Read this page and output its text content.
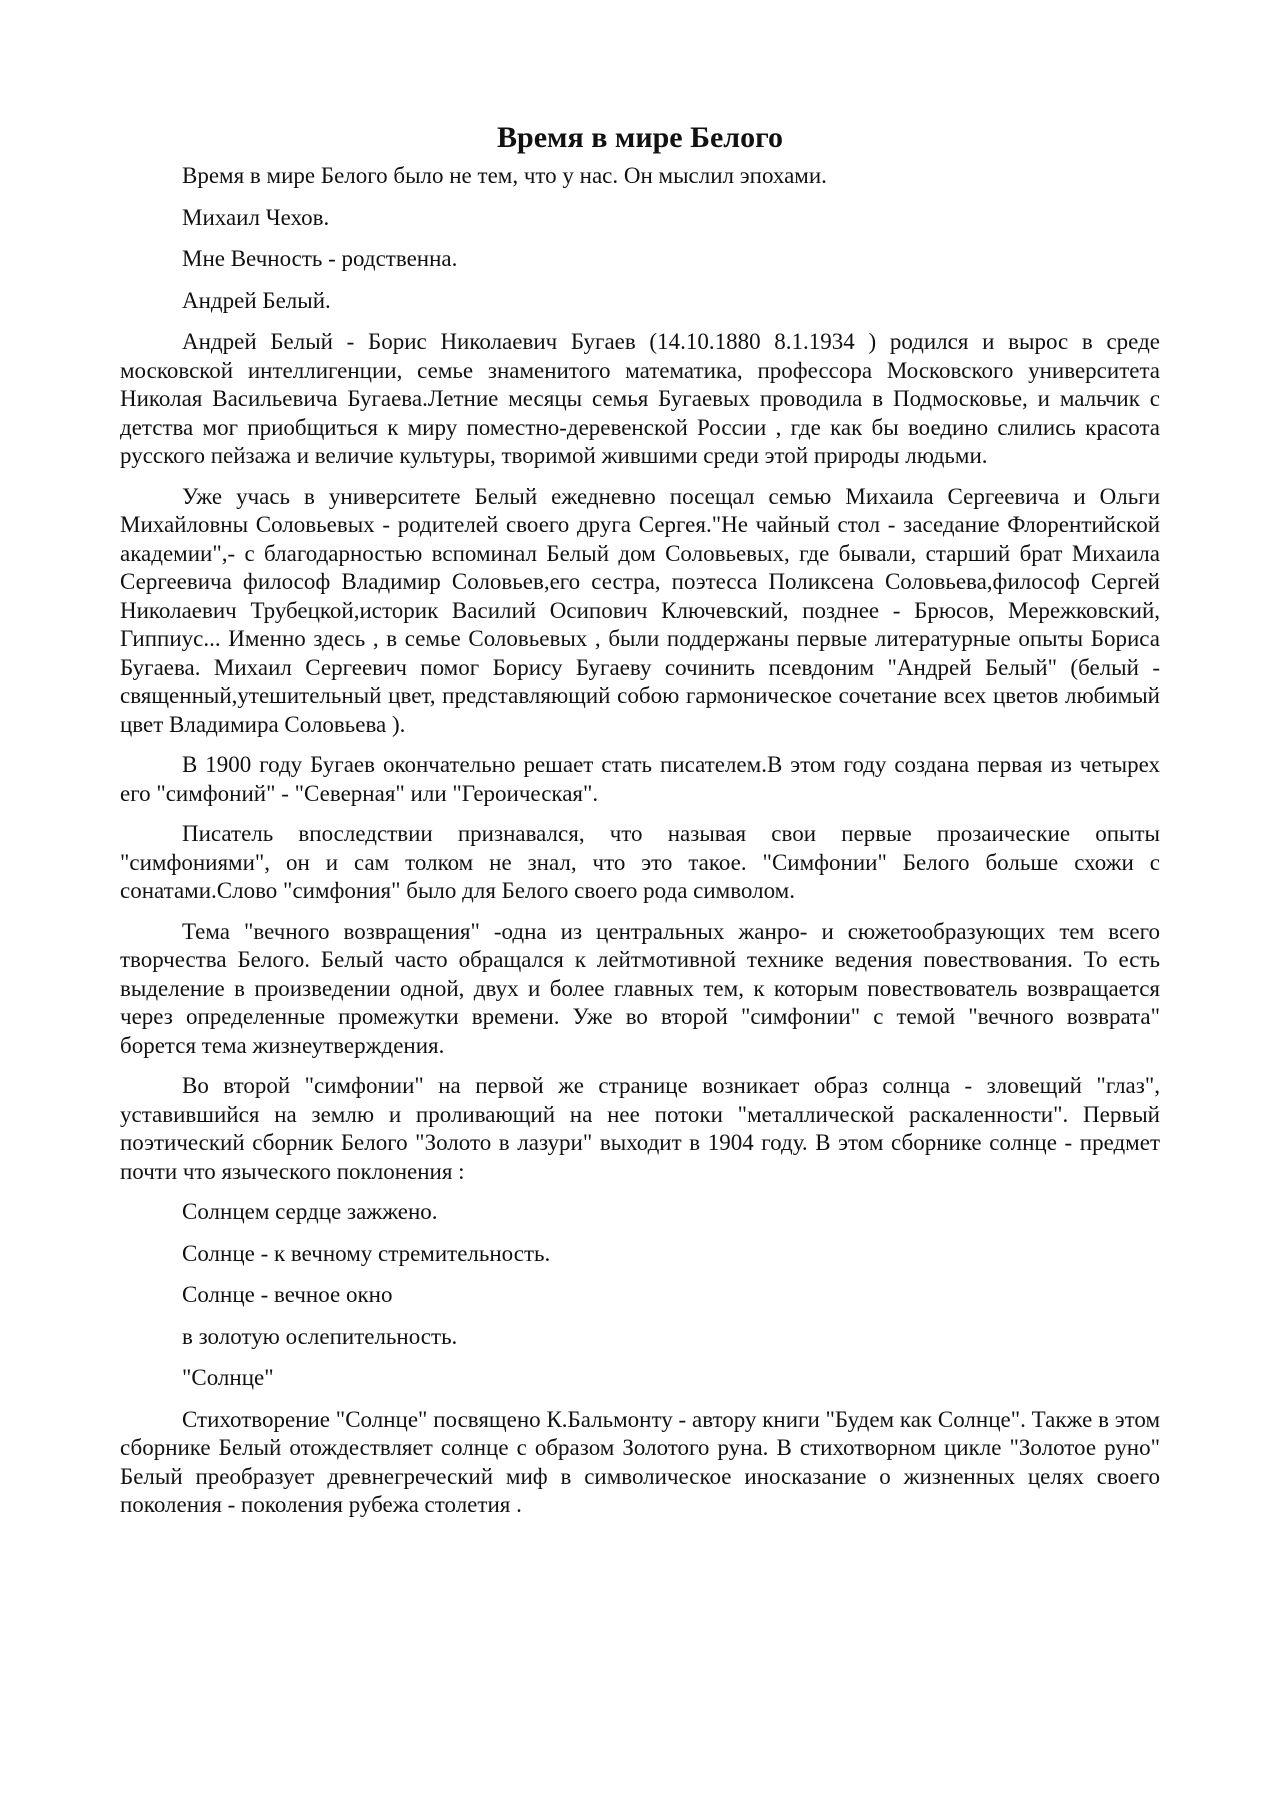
Время в мире Белого
Время в мире Белого было не тем, что у нас. Он мыслил эпохами.
Михаил Чехов.
Мне Вечность - родственна.
Андрей Белый.

Андрей Белый - Борис Николаевич Бугаев (14.10.1880 8.1.1934 ) родился и вырос в среде московской интеллигенции, семье знаменитого математика, профессора Московского университета Николая Васильевича Бугаева.Летние месяцы семья Бугаевых проводила в Подмосковье, и мальчик с детства мог приобщиться к миру поместно-деревенской России , где как бы воедино слились красота русского пейзажа и величие культуры, творимой жившими среди этой природы людьми.

Уже учась в университете Белый ежедневно посещал семью Михаила Сергеевича и Ольги Михайловны Соловьевых - родителей своего друга Сергея."Не чайный стол - заседание Флорентийской академии",- с благодарностью вспоминал Белый дом Соловьевых, где бывали, старший брат Михаила Сергеевича философ Владимир Соловьев,его сестра, поэтесса Поликсена Соловьева,философ Сергей Николаевич Трубецкой,историк Василий Осипович Ключевский, позднее - Брюсов, Мережковский, Гиппиус... Именно здесь , в семье Соловьевых , были поддержаны первые литературные опыты Бориса Бугаева. Михаил Сергеевич помог Борису Бугаеву сочинить псевдоним "Андрей Белый" (белый - священный,утешительный цвет, представляющий собою гармоническое сочетание всех цветов любимый цвет Владимира Соловьева ).

В 1900 году Бугаев окончательно решает стать писателем.В этом году создана первая из четырех его "симфоний" - "Северная" или "Героическая".

Писатель впоследствии признавался, что называя свои первые прозаические опыты "симфониями", он и сам толком не знал, что это такое. "Симфонии" Белого больше схожи с сонатами.Слово "симфония" было для Белого своего рода символом.

Тема "вечного возвращения" -одна из центральных жанро- и сюжетообразующих тем всего творчества Белого. Белый часто обращался к лейтмотивной технике ведения повествования. То есть выделение в произведении одной, двух и более главных тем, к которым повествователь возвращается через определенные промежутки времени. Уже во второй "симфонии" с темой "вечного возврата" борется тема жизнеутверждения.

Во второй "симфонии" на первой же странице возникает образ солнца - зловещий "глаз", уставившийся на землю и проливающий на нее потоки "металлической раскаленности". Первый поэтический сборник Белого "Золото в лазури" выходит в 1904 году. В этом сборнике солнце - предмет почти что языческого поклонения :

Солнцем сердце зажжено.
Солнце - к вечному стремительность.
Солнце - вечное окно
в золотую ослепительность.
"Солнце"

Стихотворение "Солнце" посвящено К.Бальмонту - автору книги "Будем как Солнце". Также в этом сборнике Белый отождествляет солнце с образом Золотого руна. В стихотворном цикле "Золотое руно" Белый преобразует древнегреческий миф в символическое иносказание о жизненных целях своего поколения - поколения рубежа столетия .
